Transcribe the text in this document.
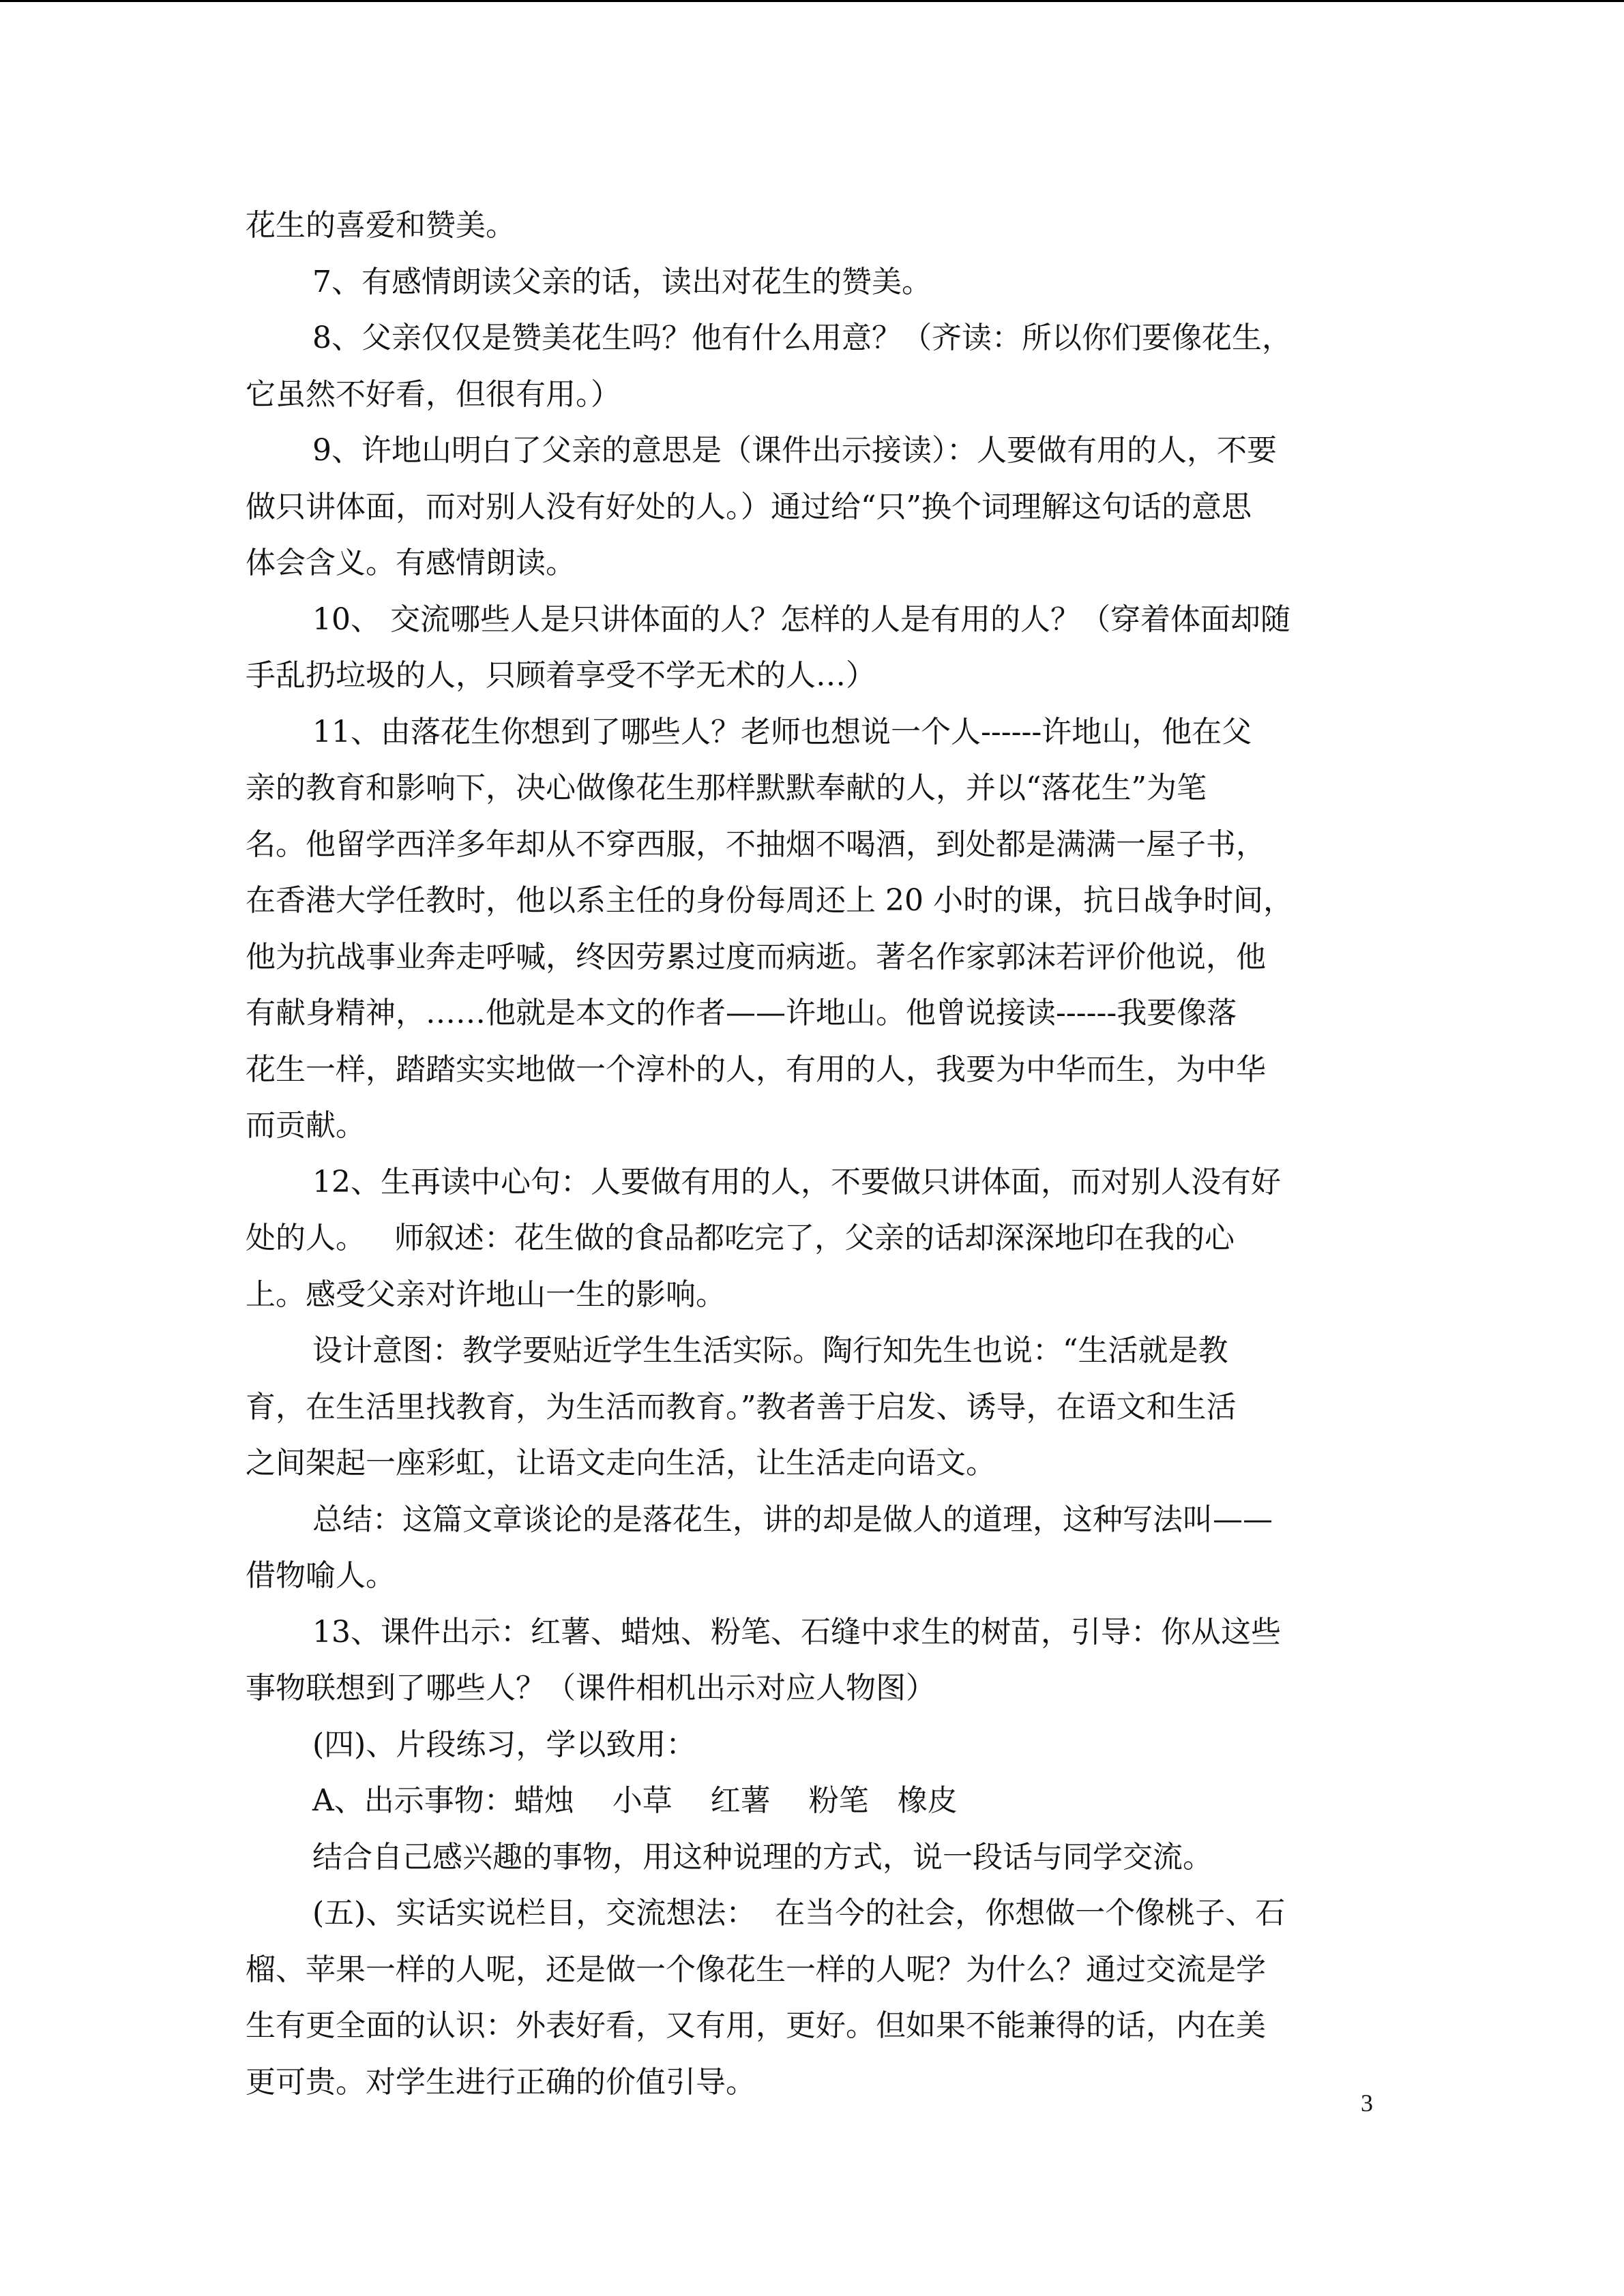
花生的喜爱和赞美。
7、有感情朗读父亲的话，读出对花生的赞美。
8、父亲仅仅是赞美花生吗？他有什么用意？（齐读：所以你们要像花生，
它虽然不好看，但很有用。）
9、许地山明白了父亲的意思是（课件出示接读）：人要做有用的人，不要
做只讲体面，而对别人没有好处的人。）通过给“只”换个词理解这句话的意思
体会含义。有感情朗读。
10、 交流哪些人是只讲体面的人？怎样的人是有用的人？（穿着体面却随
手乱扔垃圾的人，只顾着享受不学无术的人…）
11、由落花生你想到了哪些人？老师也想说一个人------许地山，他在父
亲的教育和影响下，决心做像花生那样默默奉献的人，并以“落花生”为笔
名。他留学西洋多年却从不穿西服，不抽烟不喝酒，到处都是满满一屋子书，
在香港大学任教时，他以系主任的身份每周还上 20 小时的课，抗日战争时间，
他为抗战事业奔走呼喊，终因劳累过度而病逝。著名作家郭沫若评价他说，他
有献身精神，……他就是本文的作者——许地山。他曾说接读------我要像落
花生一样，踏踏实实地做一个淳朴的人，有用的人，我要为中华而生，为中华
而贡献。
12、生再读中心句：人要做有用的人，不要做只讲体面，而对别人没有好
处的人。   师叙述：花生做的食品都吃完了，父亲的话却深深地印在我的心
上。感受父亲对许地山一生的影响。
设计意图：教学要贴近学生生活实际。陶行知先生也说：“生活就是教
育，在生活里找教育，为生活而教育。”教者善于启发、诱导，在语文和生活
之间架起一座彩虹，让语文走向生活，让生活走向语文。
总结：这篇文章谈论的是落花生，讲的却是做人的道理，这种写法叫——
借物喻人。
13、课件出示：红薯、蜡烛、粉笔、石缝中求生的树苗，引导：你从这些
事物联想到了哪些人？（课件相机出示对应人物图）
(四)、片段练习，学以致用：
A、出示事物：蜡烛    小草    红薯    粉笔   橡皮
结合自己感兴趣的事物，用这种说理的方式，说一段话与同学交流。
(五)、实话实说栏目，交流想法：  在当今的社会，你想做一个像桃子、石
榴、苹果一样的人呢，还是做一个像花生一样的人呢？为什么？通过交流是学
生有更全面的认识：外表好看，又有用，更好。但如果不能兼得的话，内在美
更可贵。对学生进行正确的价值引导。
3
